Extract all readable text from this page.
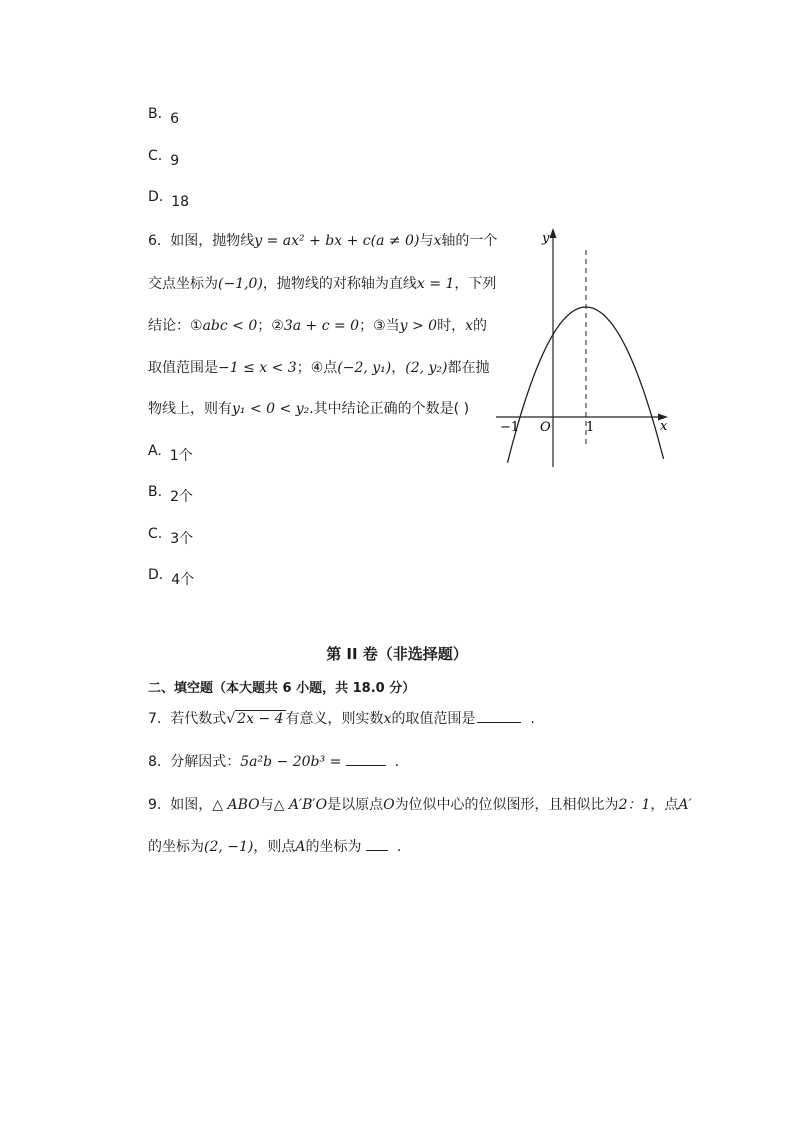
B. 6
C. 9
D. 18
6. 如图，抛物线y = ax² + bx + c(a ≠ 0)与x轴的一个
交点坐标为(−1,0)，抛物线的对称轴为直线x = 1，下列
结论：①abc < 0；②3a + c = 0；③当y > 0时，x的
取值范围是−1 ≤ x < 3；④点(−2, y₁)，(2, y₂)都在抛
物线上，则有y₁ < 0 < y₂.其中结论正确的个数是( )
A. 1个
B. 2个
C. 3个
D. 4个
y
x
O
−1	1
第 II 卷（非选择题）
二、填空题（本大题共 6 小题，共 18.0 分）
7. 若代数式√ 2x − 4 有意义，则实数x的取值范围是	.
8. 分解因式：5a²b − 20b³ =	.
9. 如图，△ ABO与△ A′B′O是以原点O为位似中心的位似图形，且相似比为2：1，点A′
的坐标为(2, −1)，则点A的坐标为	.
